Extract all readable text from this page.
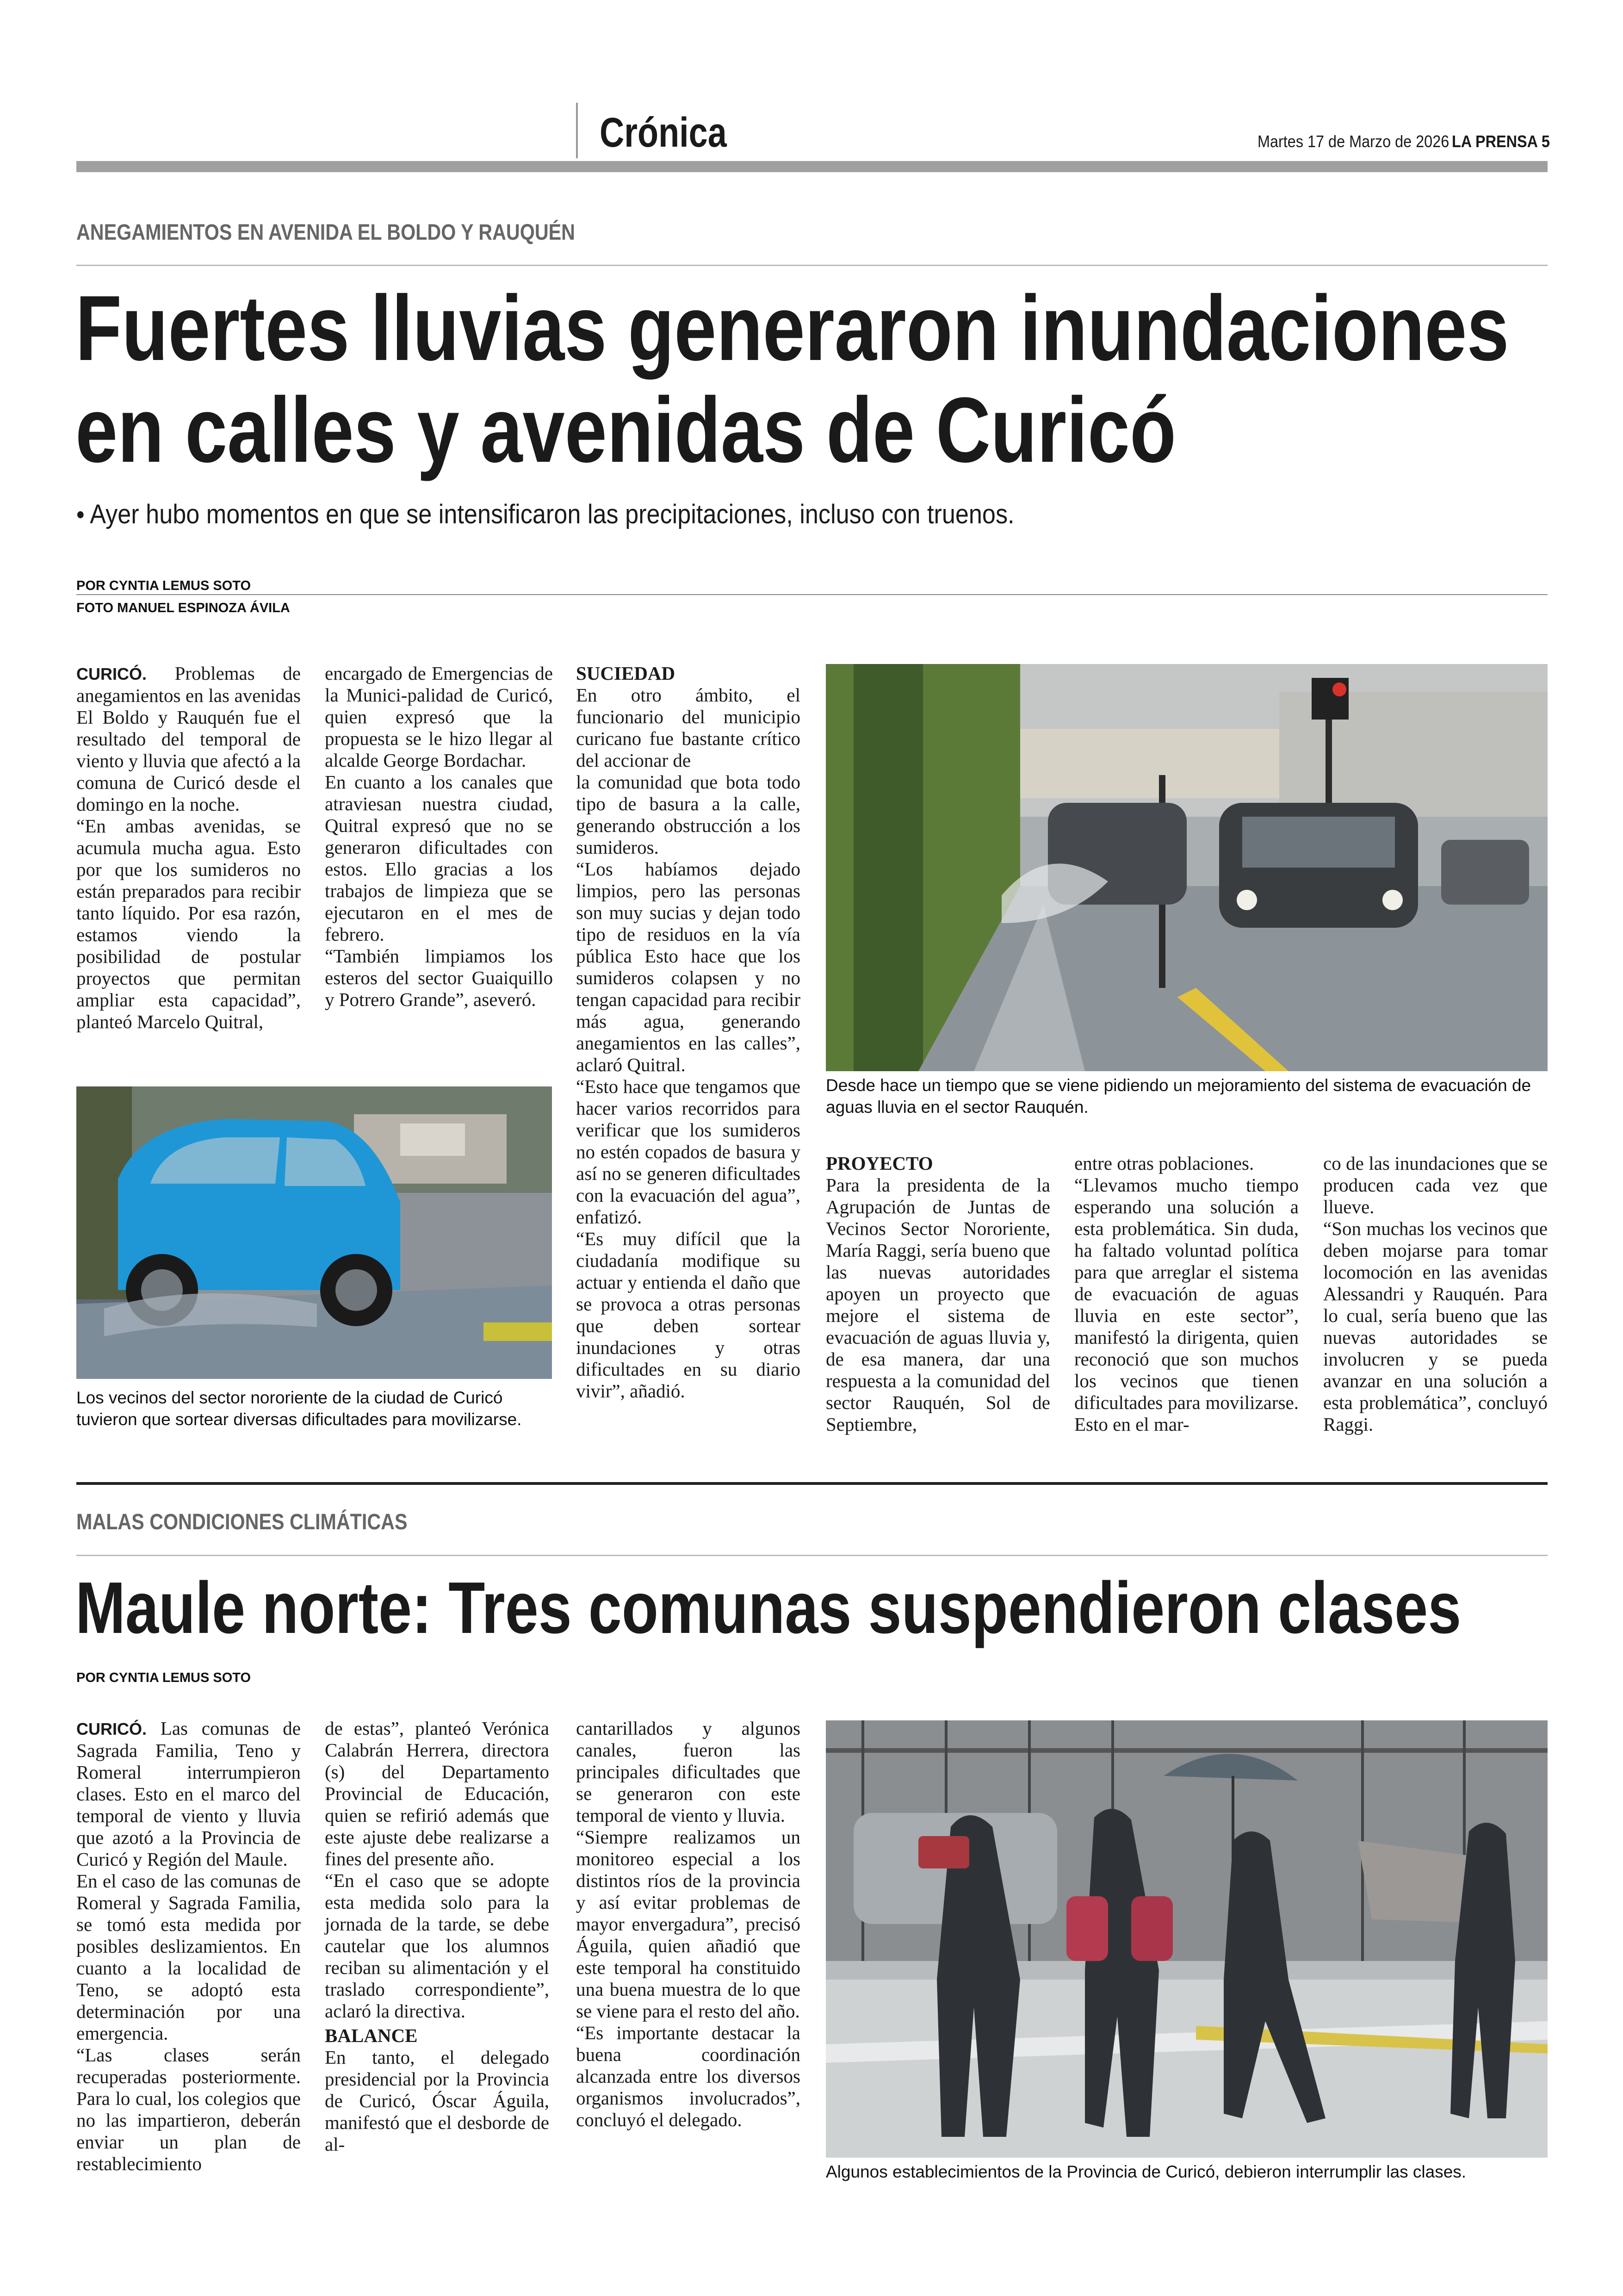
Crónica	Martes 17 de Marzo de 2026 LA PRENSA 5
ANEGAMIENTOS EN AVENIDA EL BOLDO Y RAUQUÉN
Fuertes lluvias generaron inundaciones
en calles y avenidas de Curicó
• Ayer hubo momentos en que se intensificaron las precipitaciones, incluso con truenos.
POR CYNTIA LEMUS SOTO
FOTO MANUEL ESPINOZA ÁVILA

CURICÓ. Problemas de anegamientos en las avenidas El Boldo y Rauquén fue el resultado del temporal de viento y lluvia que afectó a la comuna de Curicó desde el domingo en la noche.

“En ambas avenidas, se acumula mucha agua. Esto por que los sumideros no están preparados para recibir tanto líquido. Por esa razón, estamos viendo la posibilidad de postular proyectos que permitan ampliar esta capacidad”, planteó Marcelo Quitral,

encargado de Emergencias de la Munici-palidad de Curicó, quien expresó que la propuesta se le hizo llegar al alcalde George Bordachar.

En cuanto a los canales que atraviesan nuestra ciudad, Quitral expresó que no se generaron dificultades con estos. Ello gracias a los trabajos de limpieza que se ejecutaron en el mes de febrero.

“También limpiamos los esteros del sector Guaiquillo y Potrero Grande”, aseveró.

Los vecinos del sector nororiente de la ciudad de Curicó tuvieron que sortear diversas dificultades para movilizarse.
SUCIEDAD

En otro ámbito, el funcionario del municipio curicano fue bastante crítico del accionar de

la comunidad que bota todo tipo de basura a la calle, generando obstrucción a los sumideros.

“Los habíamos dejado limpios, pero las personas son muy sucias y dejan todo tipo de residuos en la vía pública Esto hace que los sumideros colapsen y no tengan capacidad para recibir más agua, generando anegamientos en las calles”, aclaró Quitral.

“Esto hace que tengamos que hacer varios recorridos para verificar que los sumideros no estén copados de basura y así no se generen dificultades con la evacuación del agua”, enfatizó.

“Es muy difícil que la ciudadanía modifique su actuar y entienda el daño que se provoca a otras personas que deben sortear inundaciones y otras dificultades en su diario vivir”, añadió.

Desde hace un tiempo que se viene pidiendo un mejoramiento del sistema de evacuación de aguas lluvia en el sector Rauquén.
PROYECTO

Para la presidenta de la Agrupación de Juntas de Vecinos Sector Nororiente, María Raggi, sería bueno que las nuevas autoridades apoyen un proyecto que mejore el sistema de evacuación de aguas lluvia y, de esa manera, dar una respuesta a la comunidad del sector Rauquén, Sol de Septiembre,

entre otras poblaciones.

“Llevamos mucho tiempo esperando una solución a esta problemática. Sin duda, ha faltado voluntad política para que arreglar el sistema de evacuación de aguas lluvia en este sector”, manifestó la dirigenta, quien reconoció que son muchos los vecinos que tienen dificultades para movilizarse. Esto en el mar-

co de las inundaciones que se producen cada vez que llueve.

“Son muchas los vecinos que deben mojarse para tomar locomoción en las avenidas Alessandri y Rauquén. Para lo cual, sería bueno que las nuevas autoridades se involucren y se pueda avanzar en una solución a esta problemática”, concluyó Raggi.

MALAS CONDICIONES CLIMÁTICAS
Maule norte: Tres comunas suspendieron clases
POR CYNTIA LEMUS SOTO

CURICÓ. Las comunas de Sagrada Familia, Teno y Romeral interrumpieron clases. Esto en el marco del temporal de viento y lluvia que azotó a la Provincia de Curicó y Región del Maule.

En el caso de las comunas de Romeral y Sagrada Familia, se tomó esta medida por posibles deslizamientos. En cuanto a la localidad de Teno, se adoptó esta determinación por una emergencia.

“Las clases serán recuperadas posteriormente. Para lo cual, los colegios que no las impartieron, deberán enviar un plan de restablecimiento

de estas”, planteó Verónica Calabrán Herrera, directora (s) del Departamento Provincial de Educación, quien se refirió además que este ajuste debe realizarse a fines del presente año.

“En el caso que se adopte esta medida solo para la jornada de la tarde, se debe cautelar que los alumnos reciban su alimentación y el traslado correspondiente”, aclaró la directiva.

BALANCE

En tanto, el delegado presidencial por la Provincia de Curicó, Óscar Águila, manifestó que el desborde de al-

cantarillados y algunos canales, fueron las principales dificultades que se generaron con este temporal de viento y lluvia.

“Siempre realizamos un monitoreo especial a los distintos ríos de la provincia y así evitar problemas de mayor envergadura”, precisó Águila, quien añadió que este temporal ha constituido una buena muestra de lo que se viene para el resto del año.

“Es importante destacar la buena coordinación alcanzada entre los diversos organismos involucrados”, concluyó el delegado.

Algunos establecimientos de la Provincia de Curicó, debieron interrumplir las clases.
